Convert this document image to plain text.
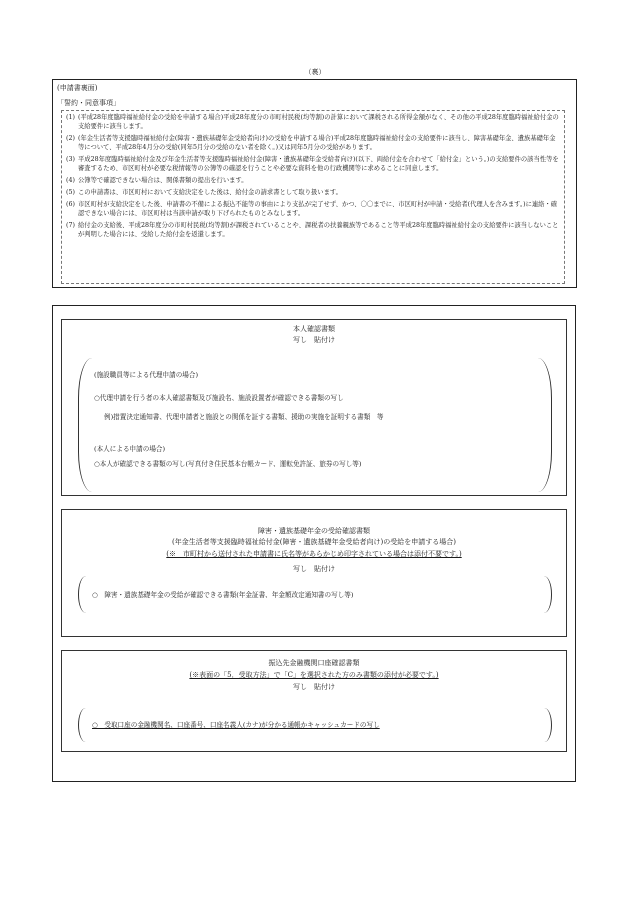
（裏）
(申請書裏面)
「誓約・同意事項」
(1) (平成28年度臨時福祉給付金の受給を申請する場合)平成28年度分の市町村民税(均等割)の計算において課税される所得金額がなく、その他の平成28年度臨時福祉給付金の支給要件に該当します。
(2) (年金生活者等支援臨時福祉給付金(障害・遺族基礎年金受給者向け)の受給を申請する場合)平成28年度臨時福祉給付金の支給要件に該当し、障害基礎年金、遺族基礎年金等について、平成28年4月分の受給(同年5月分の受給のない者を除く。)又は同年5月分の受給があります。
(3) 平成28年度臨時福祉給付金及び年金生活者等支援臨時福祉給付金(障害・遺族基礎年金受給者向け)(以下、両給付金を合わせて「給付金」という。)の支給要件の該当性等を審査するため、市区町村が必要な税情報等の公簿等の確認を行うことや必要な資料を他の行政機関等に求めることに同意します。
(4) 公簿等で確認できない場合は、関係書類の提出を行います。
(5) この申請書は、市区町村において支給決定をした後は、給付金の請求書として取り扱います。
(6) 市区町村が支給決定をした後、申請書の不備による振込不能等の事由により支払が完了せず、かつ、〇〇までに、市区町村が申請・受給者(代理人を含みます。)に連絡・確認できない場合には、市区町村は当該申請が取り下げられたものとみなします。
(7) 給付金の支給後、平成28年度分の市町村民税(均等割)が課税されていることや、課税者の扶養親族等であること等平成28年度臨時福祉給付金の支給要件に該当しないことが判明した場合には、受給した給付金を返還します。
本人確認書類
写し　貼付け
(施設職員等による代理申請の場合)
○代理申請を行う者の本人確認書類及び施設名、施設設置者が確認できる書類の写し
例)措置決定通知書、代理申請者と施設との関係を証する書類、援助の実施を証明する書類　等
(本人による申請の場合)
○本人が確認できる書類の写し(写真付き住民基本台帳カード、運転免許証、旅券の写し等)
障害・遺族基礎年金の受給確認書類
(年金生活者等支援臨時福祉給付金(障害・遺族基礎年金受給者向け)の受給を申請する場合)
(※　市町村から送付された申請書に氏名等があらかじめ印字されている場合は添付不要です。)
写し　貼付け
○　障害・遺族基礎年金の受給が確認できる書類(年金証書、年金額改定通知書の写し等)
振込先金融機関口座確認書類
(※表面の「5．受取方法」で「C」を選択された方のみ書類の添付が必要です。)
写し　貼付け
○　受取口座の金融機関名、口座番号、口座名義人(カナ)が分かる通帳かキャッシュカードの写し
